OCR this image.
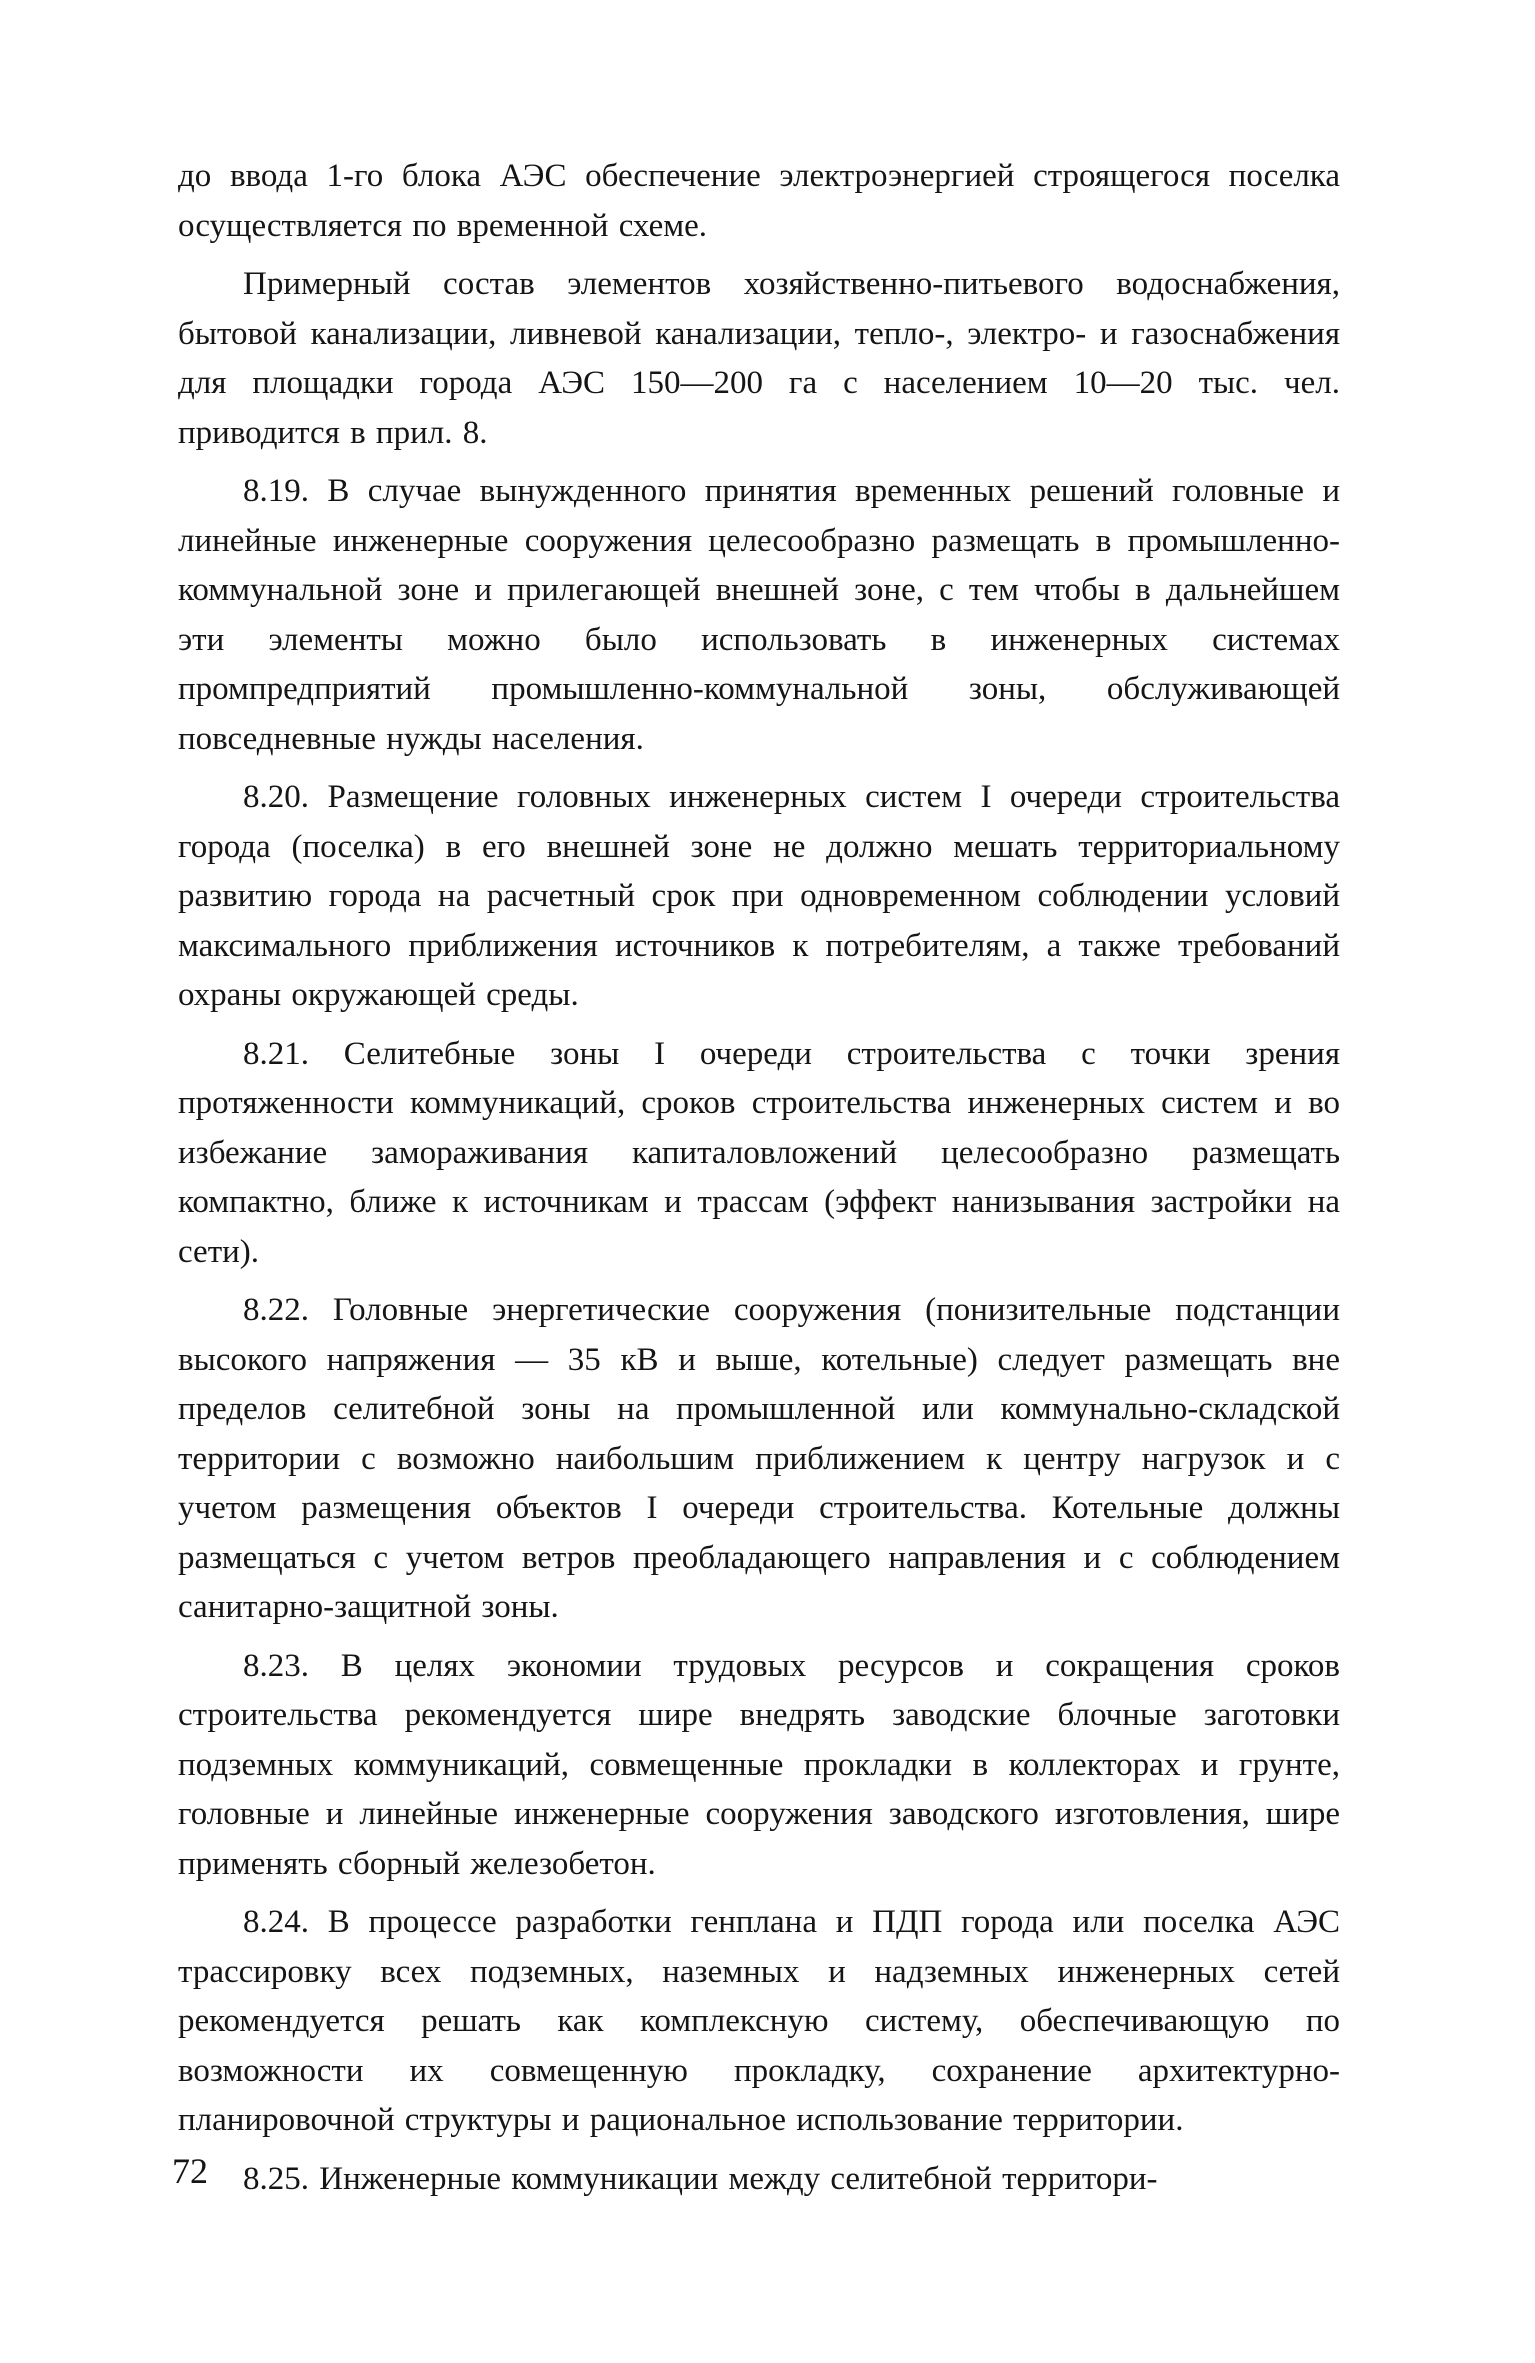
до ввода 1-го блока АЭС обеспечение электроэнергией строящегося поселка осуществляется по временной схеме.

Примерный состав элементов хозяйственно-питьевого водоснабжения, бытовой канализации, ливневой канализации, тепло-, электро- и газоснабжения для площадки города АЭС 150—200 га с населением 10—20 тыс. чел. приводится в прил. 8.

8.19. В случае вынужденного принятия временных решений головные и линейные инженерные сооружения целесообразно размещать в промышленно-коммунальной зоне и прилегающей внешней зоне, с тем чтобы в дальнейшем эти элементы можно было использовать в инженерных системах промпредприятий промышленно-коммунальной зоны, обслуживающей повседневные нужды населения.

8.20. Размещение головных инженерных систем I очереди строительства города (поселка) в его внешней зоне не должно мешать территориальному развитию города на расчетный срок при одновременном соблюдении условий максимального приближения источников к потребителям, а также требований охраны окружающей среды.

8.21. Селитебные зоны I очереди строительства с точки зрения протяженности коммуникаций, сроков строительства инженерных систем и во избежание замораживания капиталовложений целесообразно размещать компактно, ближе к источникам и трассам (эффект нанизывания застройки на сети).

8.22. Головные энергетические сооружения (понизительные подстанции высокого напряжения — 35 кВ и выше, котельные) следует размещать вне пределов селитебной зоны на промышленной или коммунально-складской территории с возможно наибольшим приближением к центру нагрузок и с учетом размещения объектов I очереди строительства. Котельные должны размещаться с учетом ветров преобладающего направления и с соблюдением санитарно-защитной зоны.

8.23. В целях экономии трудовых ресурсов и сокращения сроков строительства рекомендуется шире внедрять заводские блочные заготовки подземных коммуникаций, совмещенные прокладки в коллекторах и грунте, головные и линейные инженерные сооружения заводского изготовления, шире применять сборный железобетон.

8.24. В процессе разработки генплана и ПДП города или поселка АЭС трассировку всех подземных, наземных и надземных инженерных сетей рекомендуется решать как комплексную систему, обеспечивающую по возможности их совмещенную прокладку, сохранение архитектурно-планировочной структуры и рациональное использование территории.

8.25. Инженерные коммуникации между селитебной территори-

72
